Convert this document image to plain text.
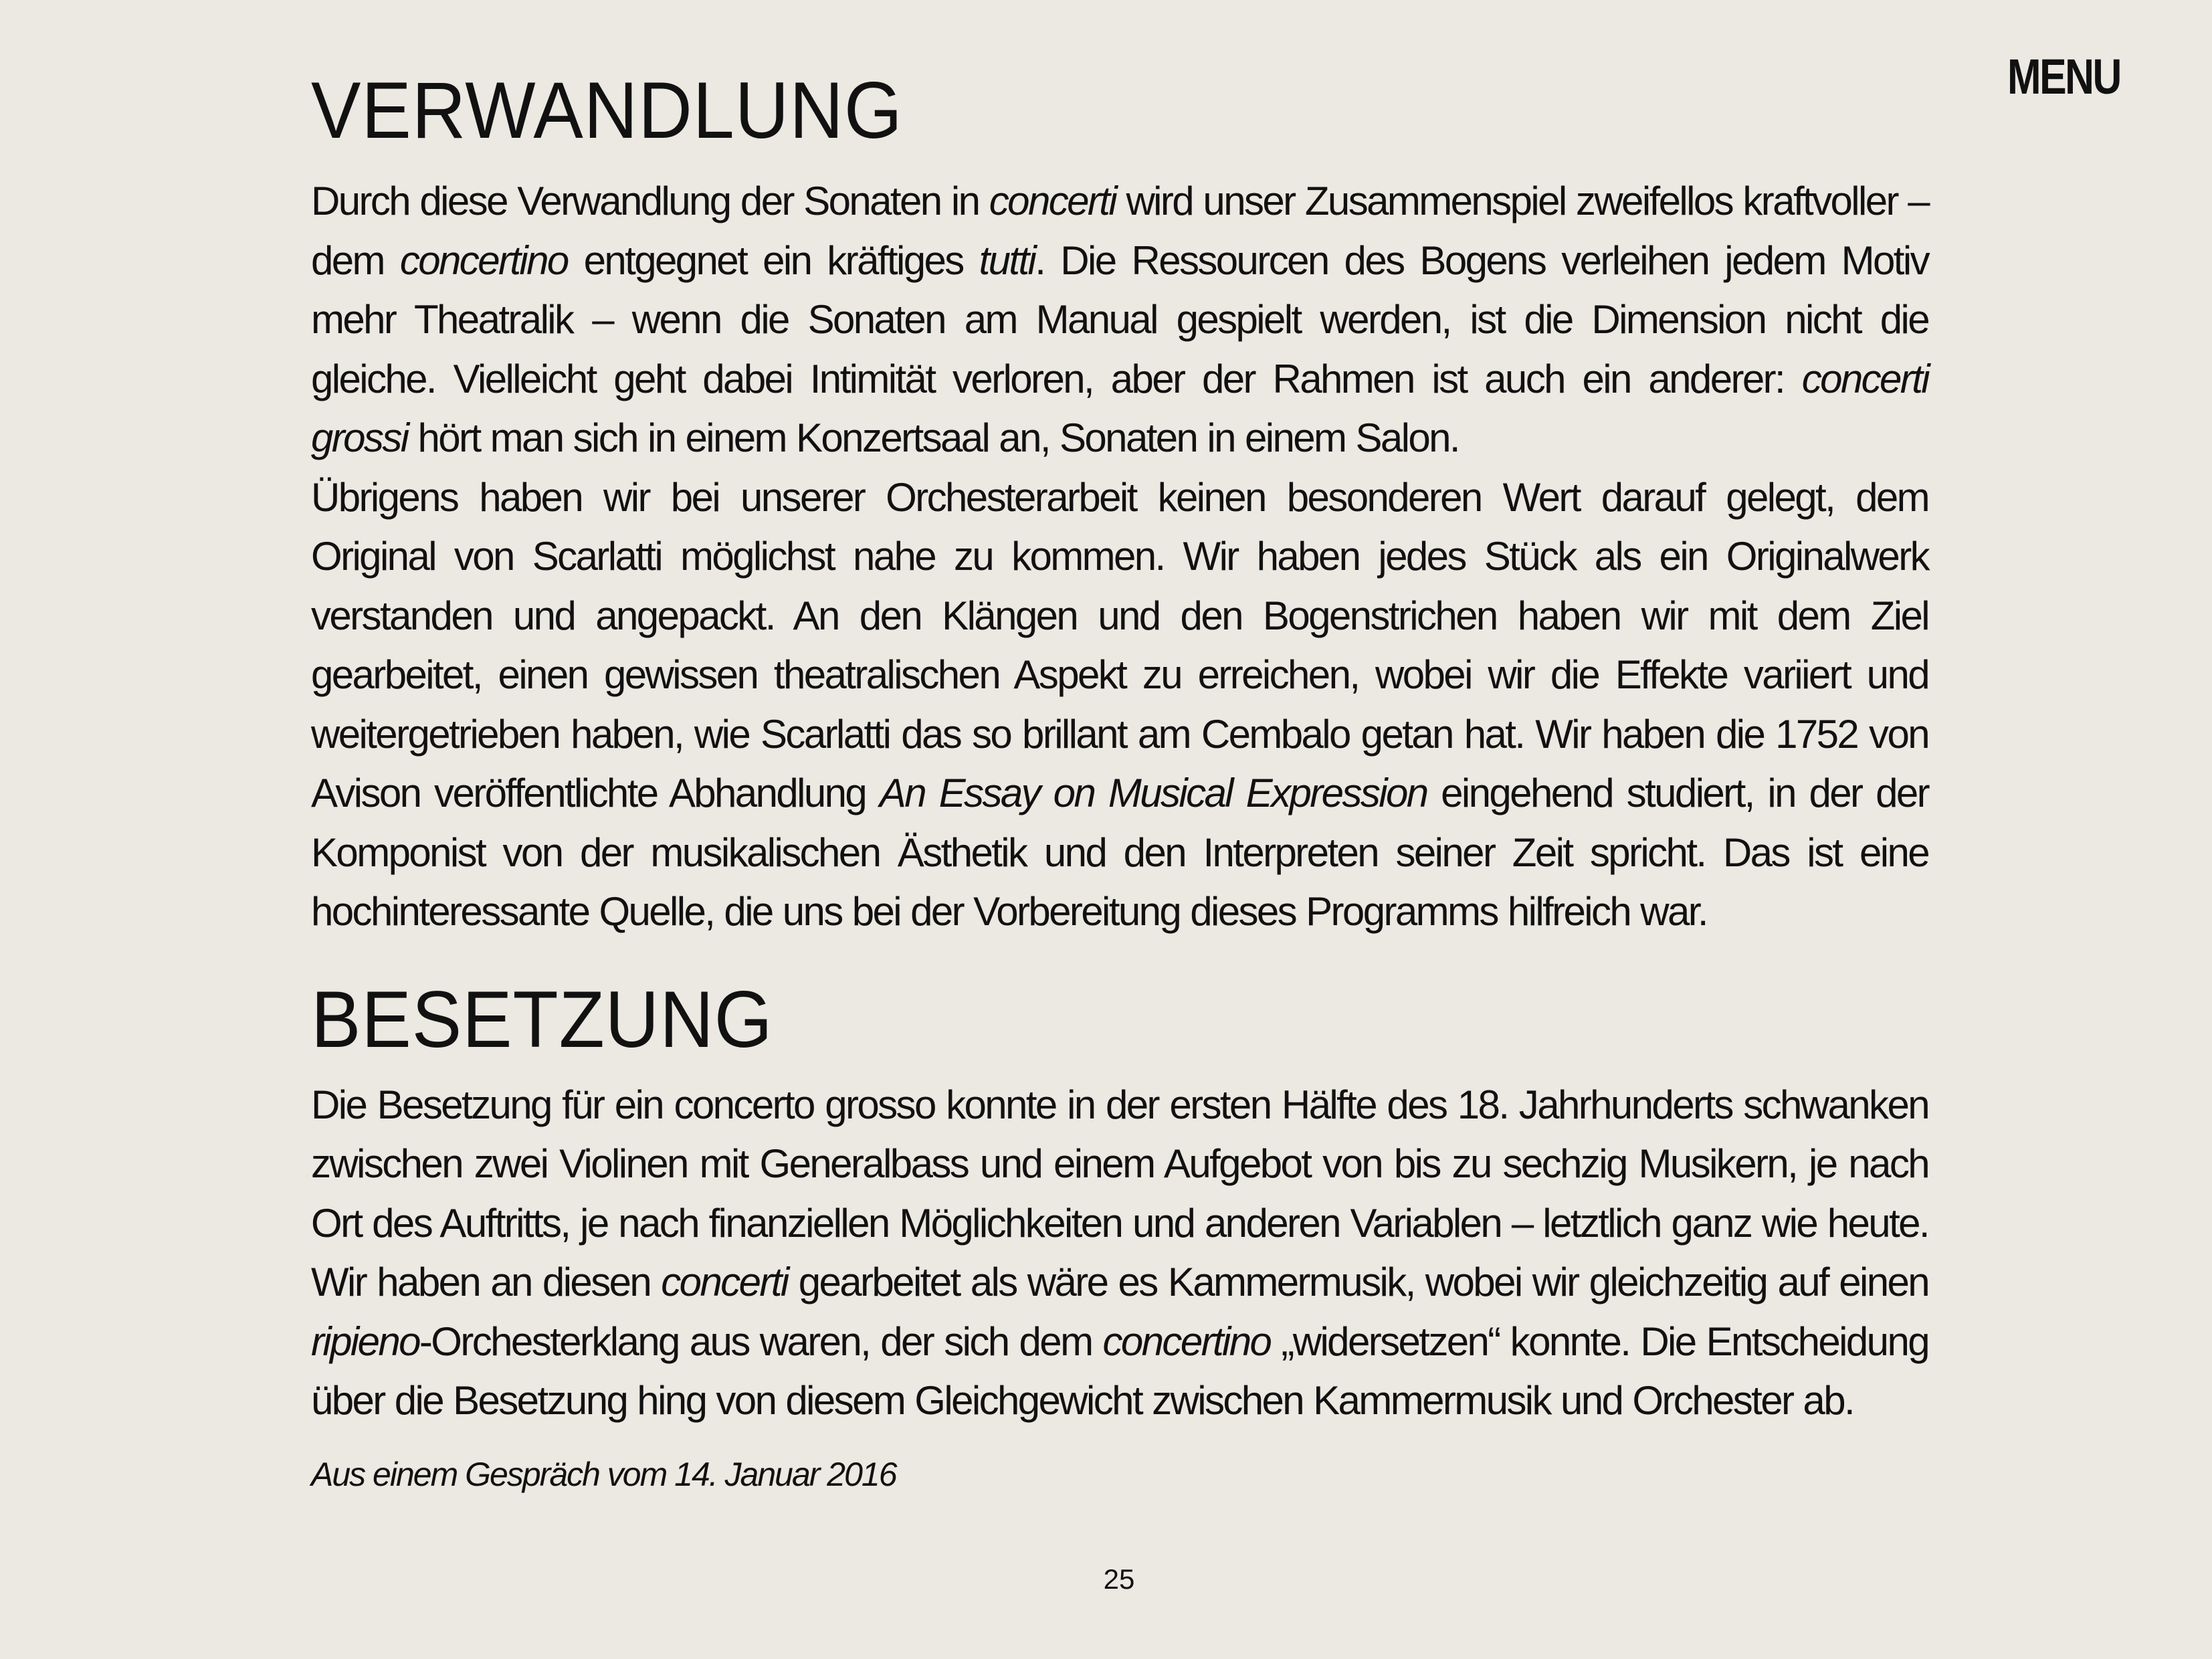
MENU
VERWANDLUNG

Durch diese Verwandlung der Sonaten in concerti wird unser Zusammenspiel zweifellos kraftvoller – dem concertino entgegnet ein kräftiges tutti. Die Ressourcen des Bogens verleihen jedem Motiv mehr Theatralik – wenn die Sonaten am Manual gespielt werden, ist die Dimension nicht die gleiche. Vielleicht geht dabei Intimität verloren, aber der Rahmen ist auch ein anderer: concerti grossi hört man sich in einem Konzertsaal an, Sonaten in einem Salon.

Übrigens haben wir bei unserer Orchesterarbeit keinen besonderen Wert darauf gelegt, dem Original von Scarlatti möglichst nahe zu kommen. Wir haben jedes Stück als ein Originalwerk verstanden und angepackt. An den Klängen und den Bogenstrichen haben wir mit dem Ziel gearbeitet, einen gewissen theatralischen Aspekt zu erreichen, wobei wir die Effekte variiert und weitergetrieben haben, wie Scarlatti das so brillant am Cembalo getan hat. Wir haben die 1752 von Avison veröffentlichte Abhandlung An Essay on Musical Expression eingehend studiert, in der der Komponist von der musikalischen Ästhetik und den Interpreten seiner Zeit spricht. Das ist eine hochinteressante Quelle, die uns bei der Vorbereitung dieses Programms hilfreich war.

BESETZUNG

Die Besetzung für ein concerto grosso konnte in der ersten Hälfte des 18. Jahrhunderts schwanken zwischen zwei Violinen mit Generalbass und einem Aufgebot von bis zu sechzig Musikern, je nach Ort des Auftritts, je nach finanziellen Möglichkeiten und anderen Variablen – letztlich ganz wie heute. Wir haben an diesen concerti gearbeitet als wäre es Kammermusik, wobei wir gleichzeitig auf einen ripieno-Orchesterklang aus waren, der sich dem concertino „widersetzen“ konnte. Die Entscheidung über die Besetzung hing von diesem Gleichgewicht zwischen Kammermusik und Orchester ab.

Aus einem Gespräch vom 14. Januar 2016
25
